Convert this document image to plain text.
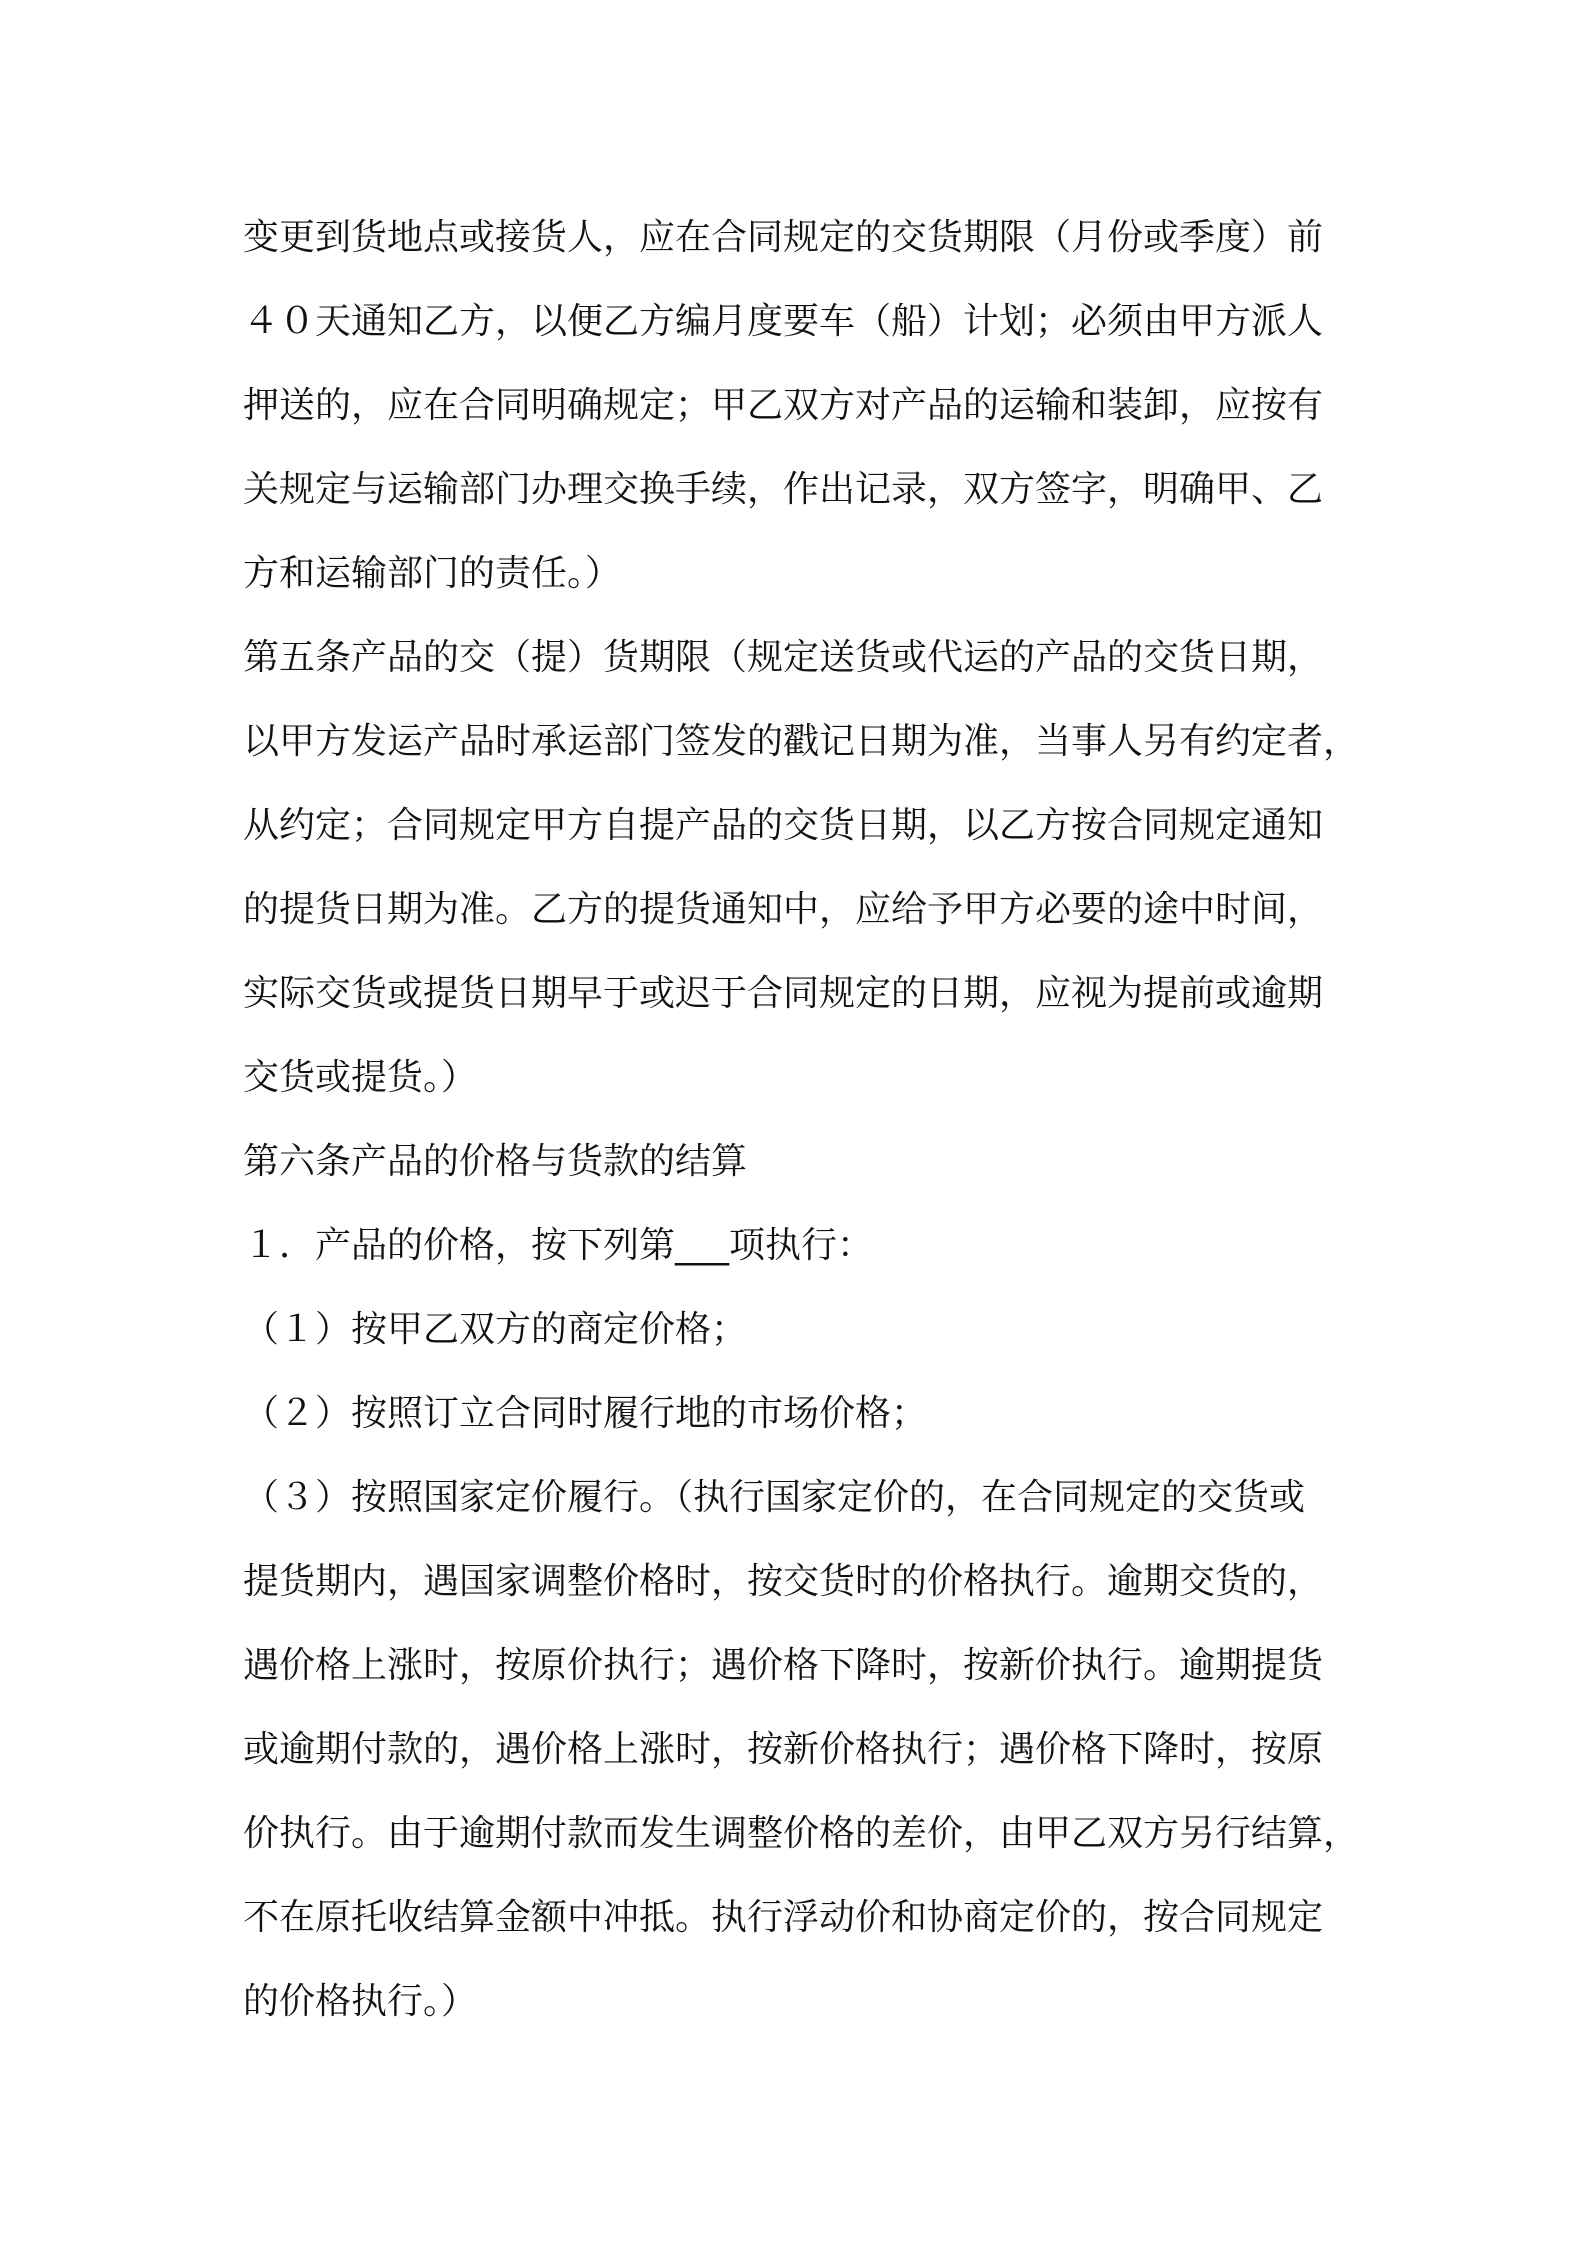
变更到货地点或接货人，应在合同规定的交货期限（月份或季度）前
４０天通知乙方，以便乙方编月度要车（船）计划；必须由甲方派人
押送的，应在合同明确规定；甲乙双方对产品的运输和装卸，应按有
关规定与运输部门办理交换手续，作出记录，双方签字，明确甲、乙
方和运输部门的责任。）
第五条产品的交（提）货期限（规定送货或代运的产品的交货日期，
以甲方发运产品时承运部门签发的戳记日期为准，当事人另有约定者，
从约定；合同规定甲方自提产品的交货日期，以乙方按合同规定通知
的提货日期为准。乙方的提货通知中，应给予甲方必要的途中时间，
实际交货或提货日期早于或迟于合同规定的日期，应视为提前或逾期
交货或提货。）
第六条产品的价格与货款的结算
１．产品的价格，按下列第___项执行：
（１）按甲乙双方的商定价格；
（２）按照订立合同时履行地的市场价格；
（３）按照国家定价履行。（执行国家定价的，在合同规定的交货或
提货期内，遇国家调整价格时，按交货时的价格执行。逾期交货的，
遇价格上涨时，按原价执行；遇价格下降时，按新价执行。逾期提货
或逾期付款的，遇价格上涨时，按新价格执行；遇价格下降时，按原
价执行。由于逾期付款而发生调整价格的差价，由甲乙双方另行结算，
不在原托收结算金额中冲抵。执行浮动价和协商定价的，按合同规定
的价格执行。）
